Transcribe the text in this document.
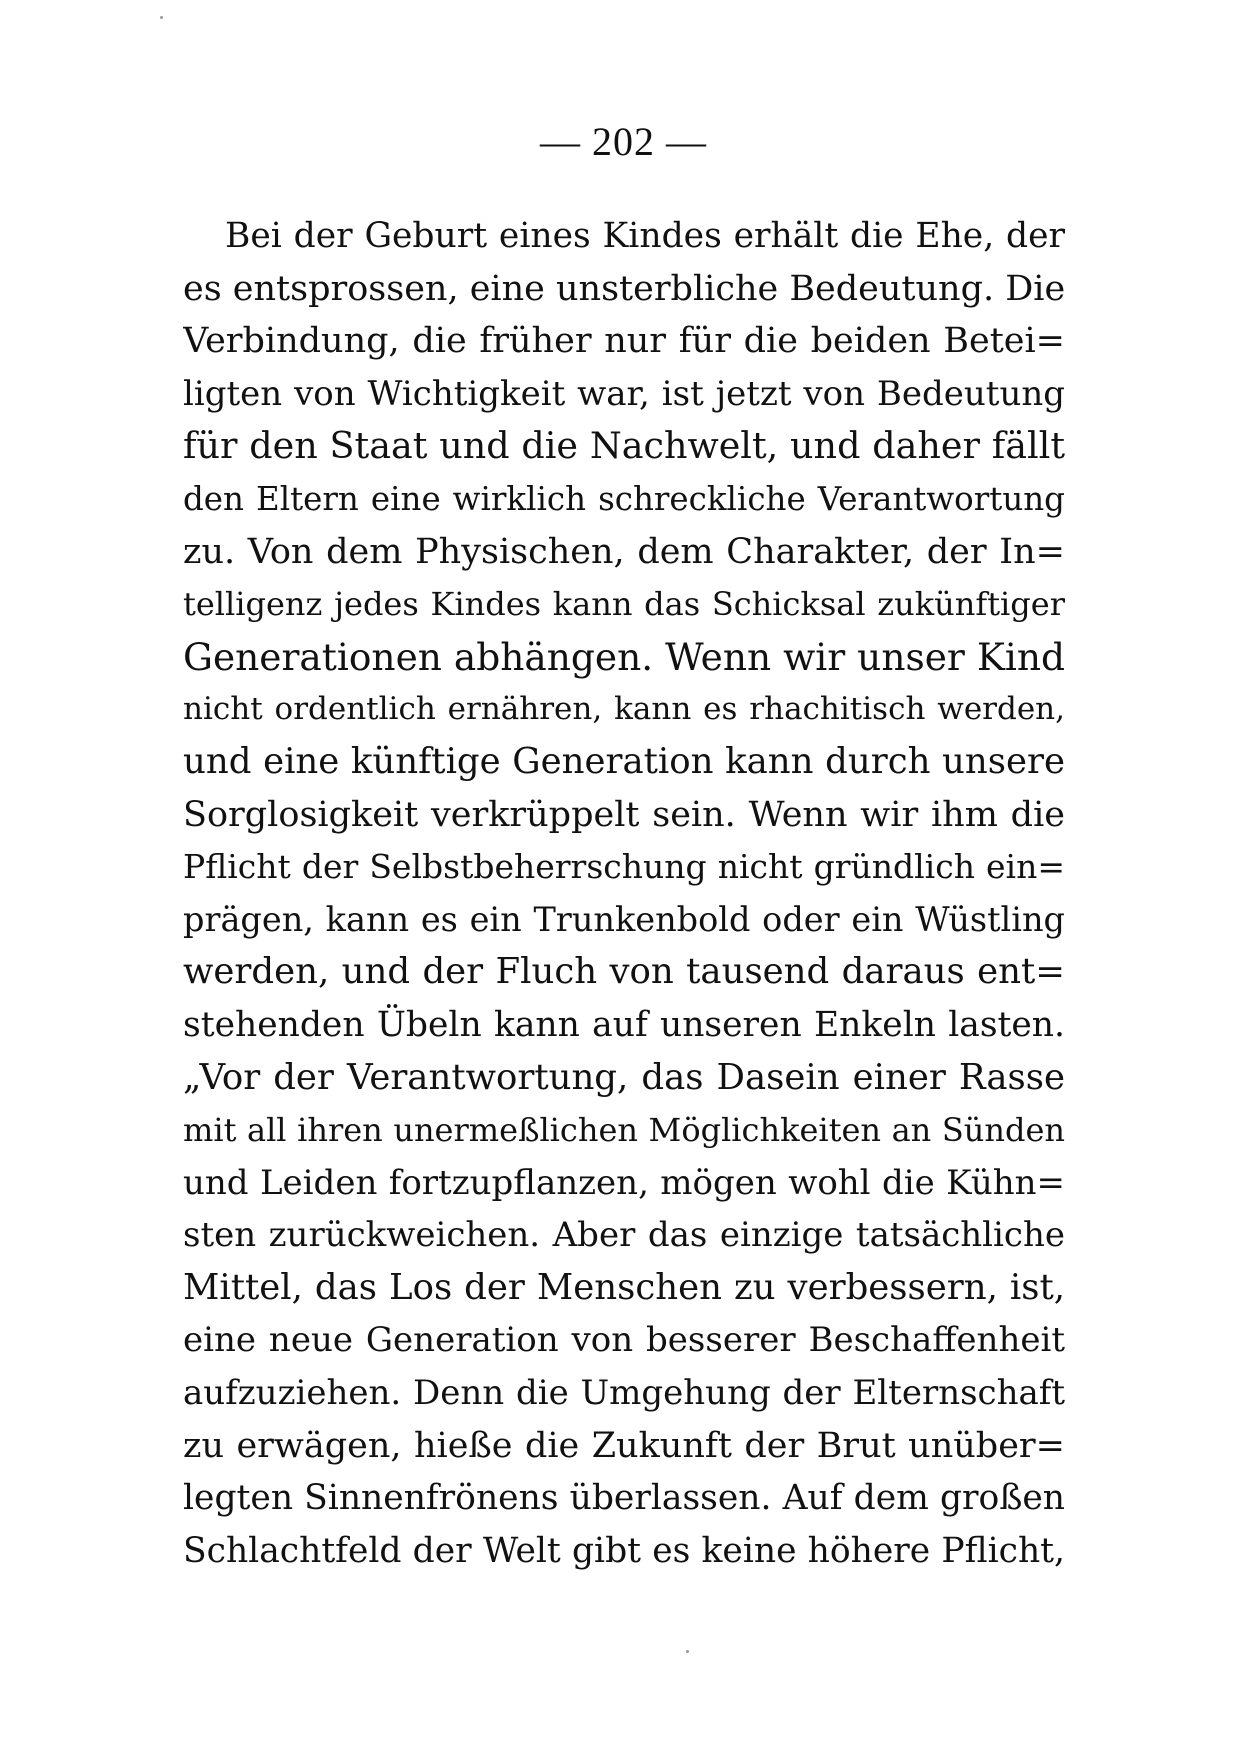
— 202 —
Bei der Geburt eines Kindes erhält die Ehe, der
es entsprossen, eine unsterbliche Bedeutung. Die
Verbindung, die früher nur für die beiden Betei=
ligten von Wichtigkeit war, ist jetzt von Bedeutung
für den Staat und die Nachwelt, und daher fällt
den Eltern eine wirklich schreckliche Verantwortung
zu. Von dem Physischen, dem Charakter, der In=
telligenz jedes Kindes kann das Schicksal zukünftiger
Generationen abhängen. Wenn wir unser Kind
nicht ordentlich ernähren, kann es rhachitisch werden,
und eine künftige Generation kann durch unsere
Sorglosigkeit verkrüppelt sein. Wenn wir ihm die
Pflicht der Selbstbeherrschung nicht gründlich ein=
prägen, kann es ein Trunkenbold oder ein Wüstling
werden, und der Fluch von tausend daraus ent=
stehenden Übeln kann auf unseren Enkeln lasten.
„Vor der Verantwortung, das Dasein einer Rasse
mit all ihren unermeßlichen Möglichkeiten an Sünden
und Leiden fortzupflanzen, mögen wohl die Kühn=
sten zurückweichen. Aber das einzige tatsächliche
Mittel, das Los der Menschen zu verbessern, ist,
eine neue Generation von besserer Beschaffenheit
aufzuziehen. Denn die Umgehung der Elternschaft
zu erwägen, hieße die Zukunft der Brut unüber=
legten Sinnenfrönens überlassen. Auf dem großen
Schlachtfeld der Welt gibt es keine höhere Pflicht,
